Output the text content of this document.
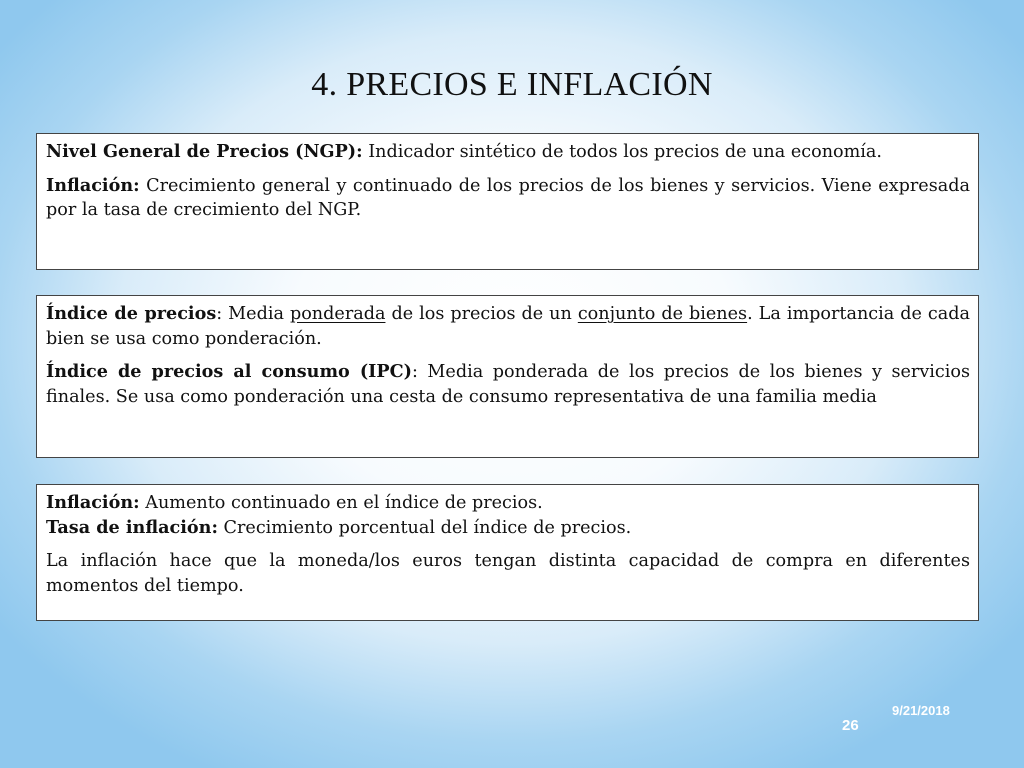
4. PRECIOS E INFLACIÓN

Nivel General de Precios (NGP): Indicador sintético de todos los precios de una economía.

Inflación: Crecimiento general y continuado de los precios de los bienes y servicios. Viene expresada por la tasa de crecimiento del NGP.

Índice de precios: Media ponderada de los precios de un conjunto de bienes. La importancia de cada bien se usa como ponderación.

Índice de precios al consumo (IPC): Media ponderada de los precios de los bienes y servicios finales. Se usa como ponderación una cesta de consumo representativa de una familia media

Inflación: Aumento continuado en el índice de precios.

Tasa de inflación: Crecimiento porcentual del índice de precios.

La inflación hace que la moneda/los euros tengan distinta capacidad de compra en diferentes momentos del tiempo.

9/21/2018
26
